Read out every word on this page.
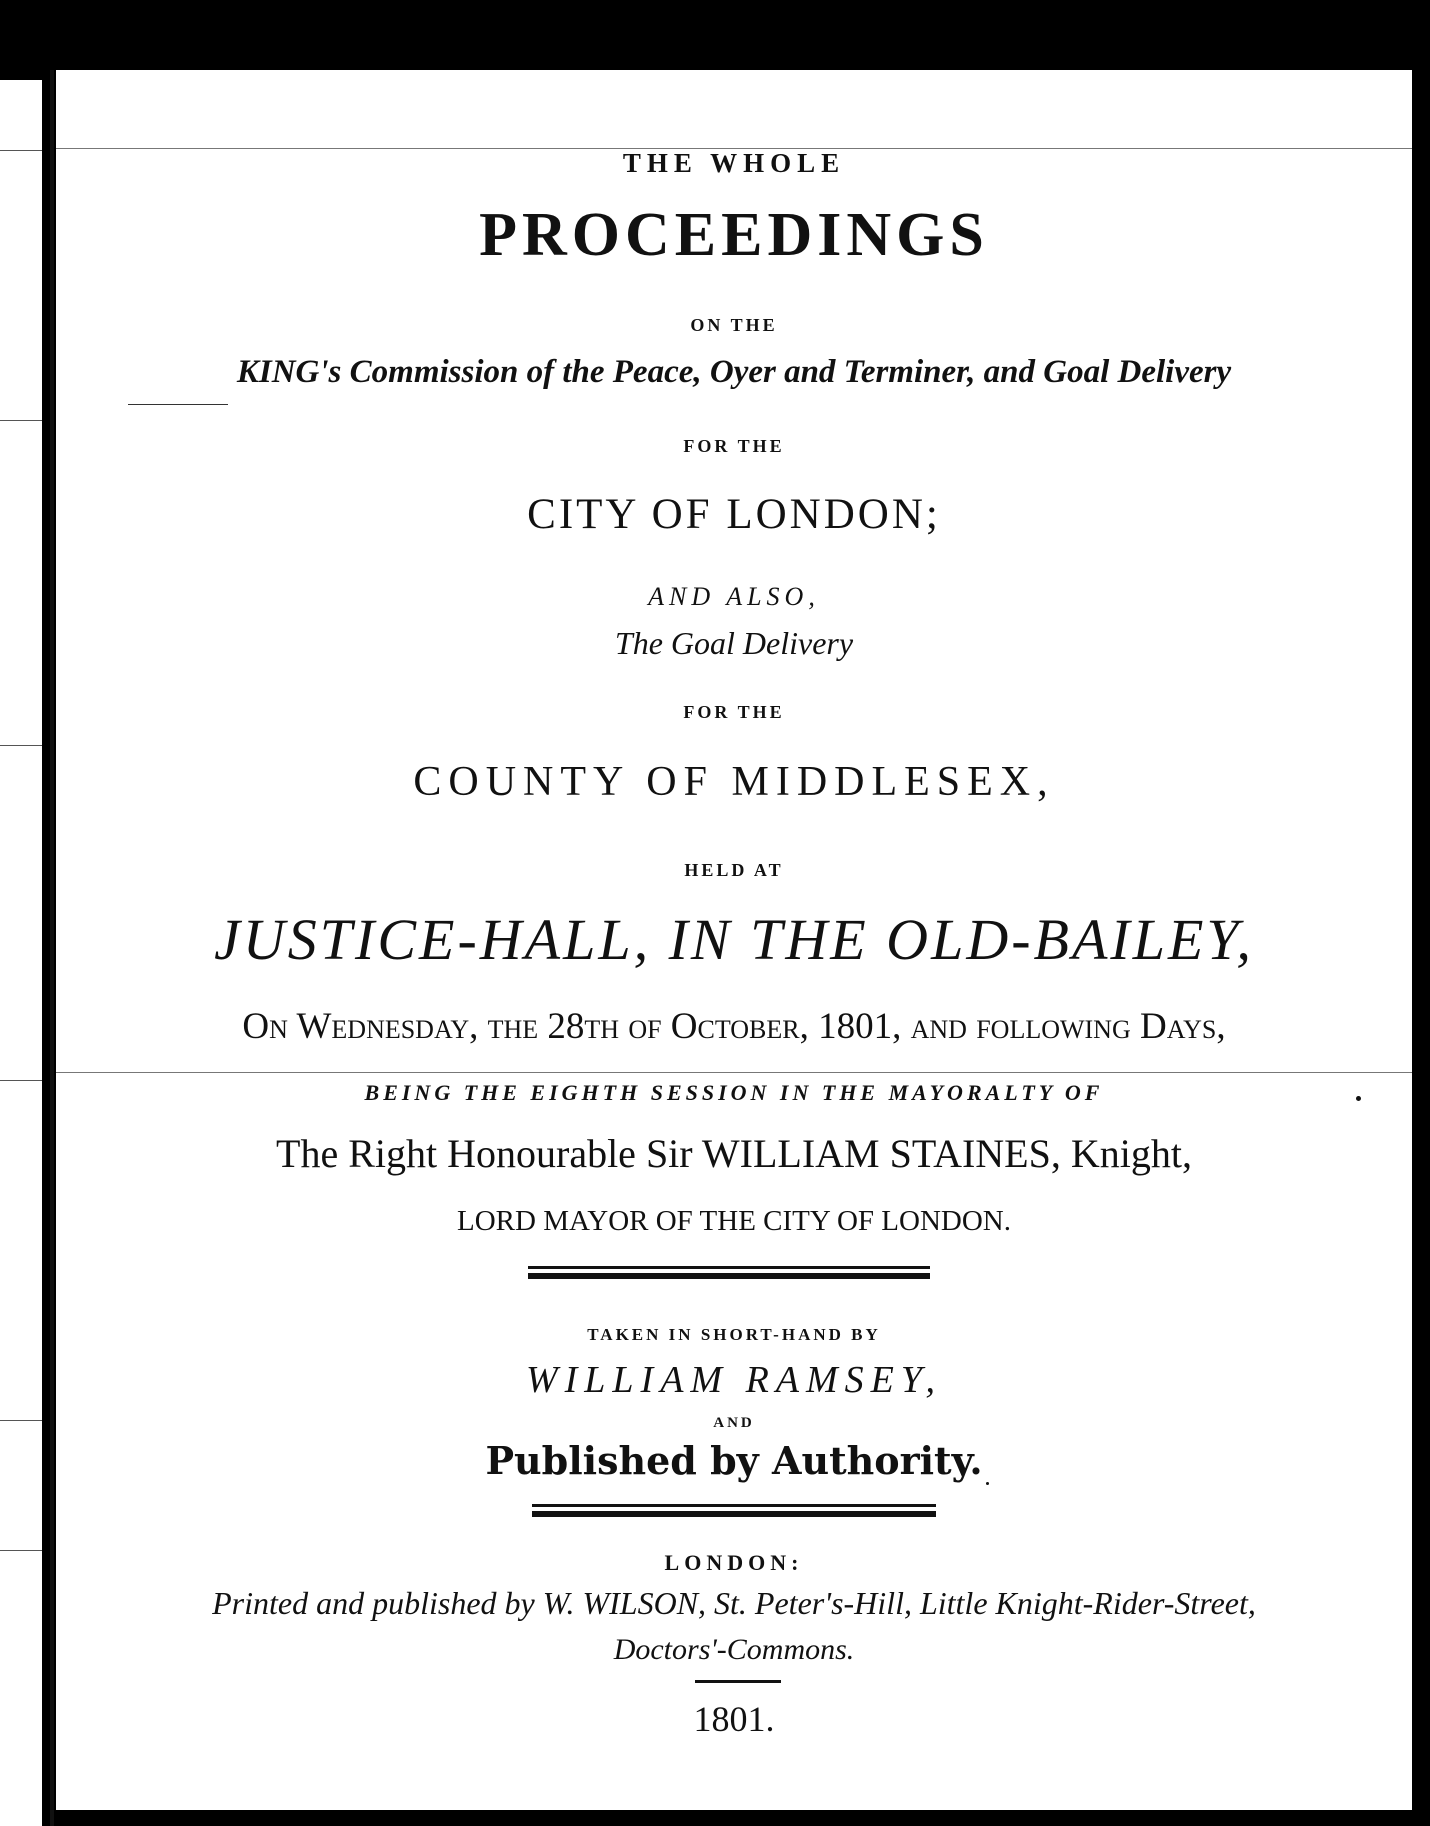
THE WHOLE
PROCEEDINGS
ON THE
KING's Commission of the Peace, Oyer and Terminer, and Goal Delivery
FOR THE
CITY OF LONDON;
AND ALSO,
The Goal Delivery
FOR THE
COUNTY OF MIDDLESEX,
HELD AT
JUSTICE-HALL, IN THE OLD-BAILEY,
On Wednesday, the 28th of October, 1801, and following Days,
BEING THE EIGHTH SESSION IN THE MAYORALTY OF
The Right Honourable Sir WILLIAM STAINES, Knight,
LORD MAYOR OF THE CITY OF LONDON.
TAKEN IN SHORT-HAND BY
WILLIAM RAMSEY,
AND
Published by Authority.
LONDON:
Printed and published by W. WILSON, St. Peter's-Hill, Little Knight-Rider-Street,
Doctors'-Commons.
1801.
